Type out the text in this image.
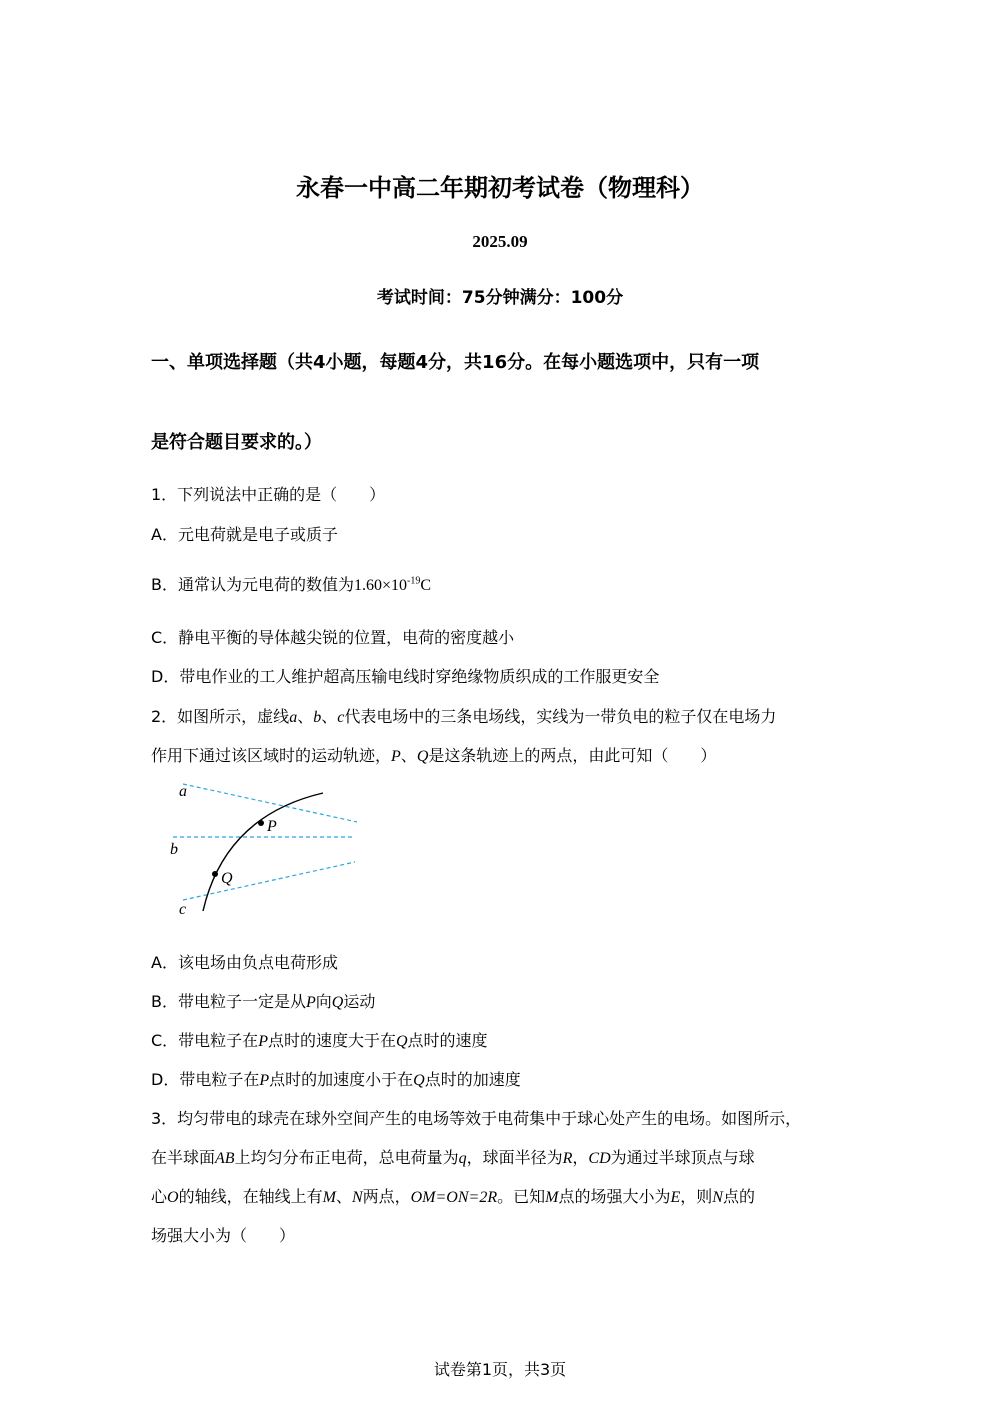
永春一中高二年期初考试卷（物理科）
2025.09
考试时间：75分钟满分：100分
一、单项选择题（共4小题，每题4分，共16分。在每小题选项中，只有一项
是符合题目要求的。）
1．下列说法中正确的是（　　）
A．元电荷就是电子或质子
B．通常认为元电荷的数值为$1.60\times 10^{-19}C$
C．静电平衡的导体越尖锐的位置，电荷的密度越小
D．带电作业的工人维护超高压输电线时穿绝缘物质织成的工作服更安全
2．如图所示，虚线a、b、c代表电场中的三条电场线，实线为一带负电的粒子仅在电场力
作用下通过该区域时的运动轨迹，P、Q是这条轨迹上的两点，由此可知（　　）
a
b
c
P
Q
A．该电场由负点电荷形成
B．带电粒子一定是从P向Q运动
C．带电粒子在P点时的速度大于在Q点时的速度
D．带电粒子在P点时的加速度小于在Q点时的加速度
3．均匀带电的球壳在球外空间产生的电场等效于电荷集中于球心处产生的电场。如图所示，
在半球面AB上均匀分布正电荷，总电荷量为q，球面半径为R，CD为通过半球顶点与球
心O的轴线，在轴线上有M、N两点，OM=ON=2R。已知M点的场强大小为E，则N点的
场强大小为（　　）
试卷第1页，共3页
